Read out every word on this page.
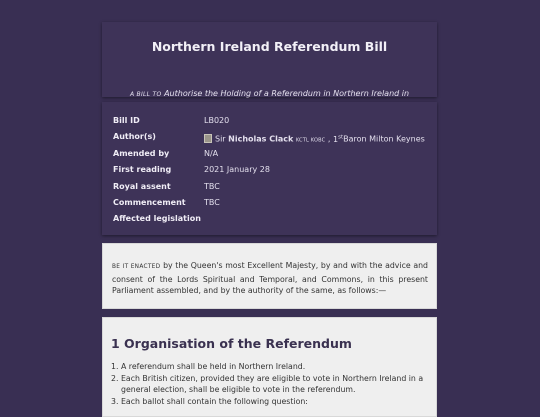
Northern Ireland Referendum Bill
A BILL TO Authorise the Holding of a Referendum in Northern Ireland in
Bill ID	LB020
Author(s)	Sir Nicholas Clack KCTL KOBC , 1stBaron Milton Keynes
Amended by	N/A
First reading	2021 January 28
Royal assent	TBC
Commencement TBC
Affected legislation
BE IT ENACTED by the Queen's most Excellent Majesty, by and with the advice and consent of the Lords Spiritual and Temporal, and Commons, in this present Parliament assembled, and by the authority of the same, as follows:—
1 Organisation of the Referendum
1. A referendum shall be held in Northern Ireland.
2. Each British citizen, provided they are eligible to vote in Northern Ireland in a general election, shall be eligible to vote in the referendum.
3. Each ballot shall contain the following question:
